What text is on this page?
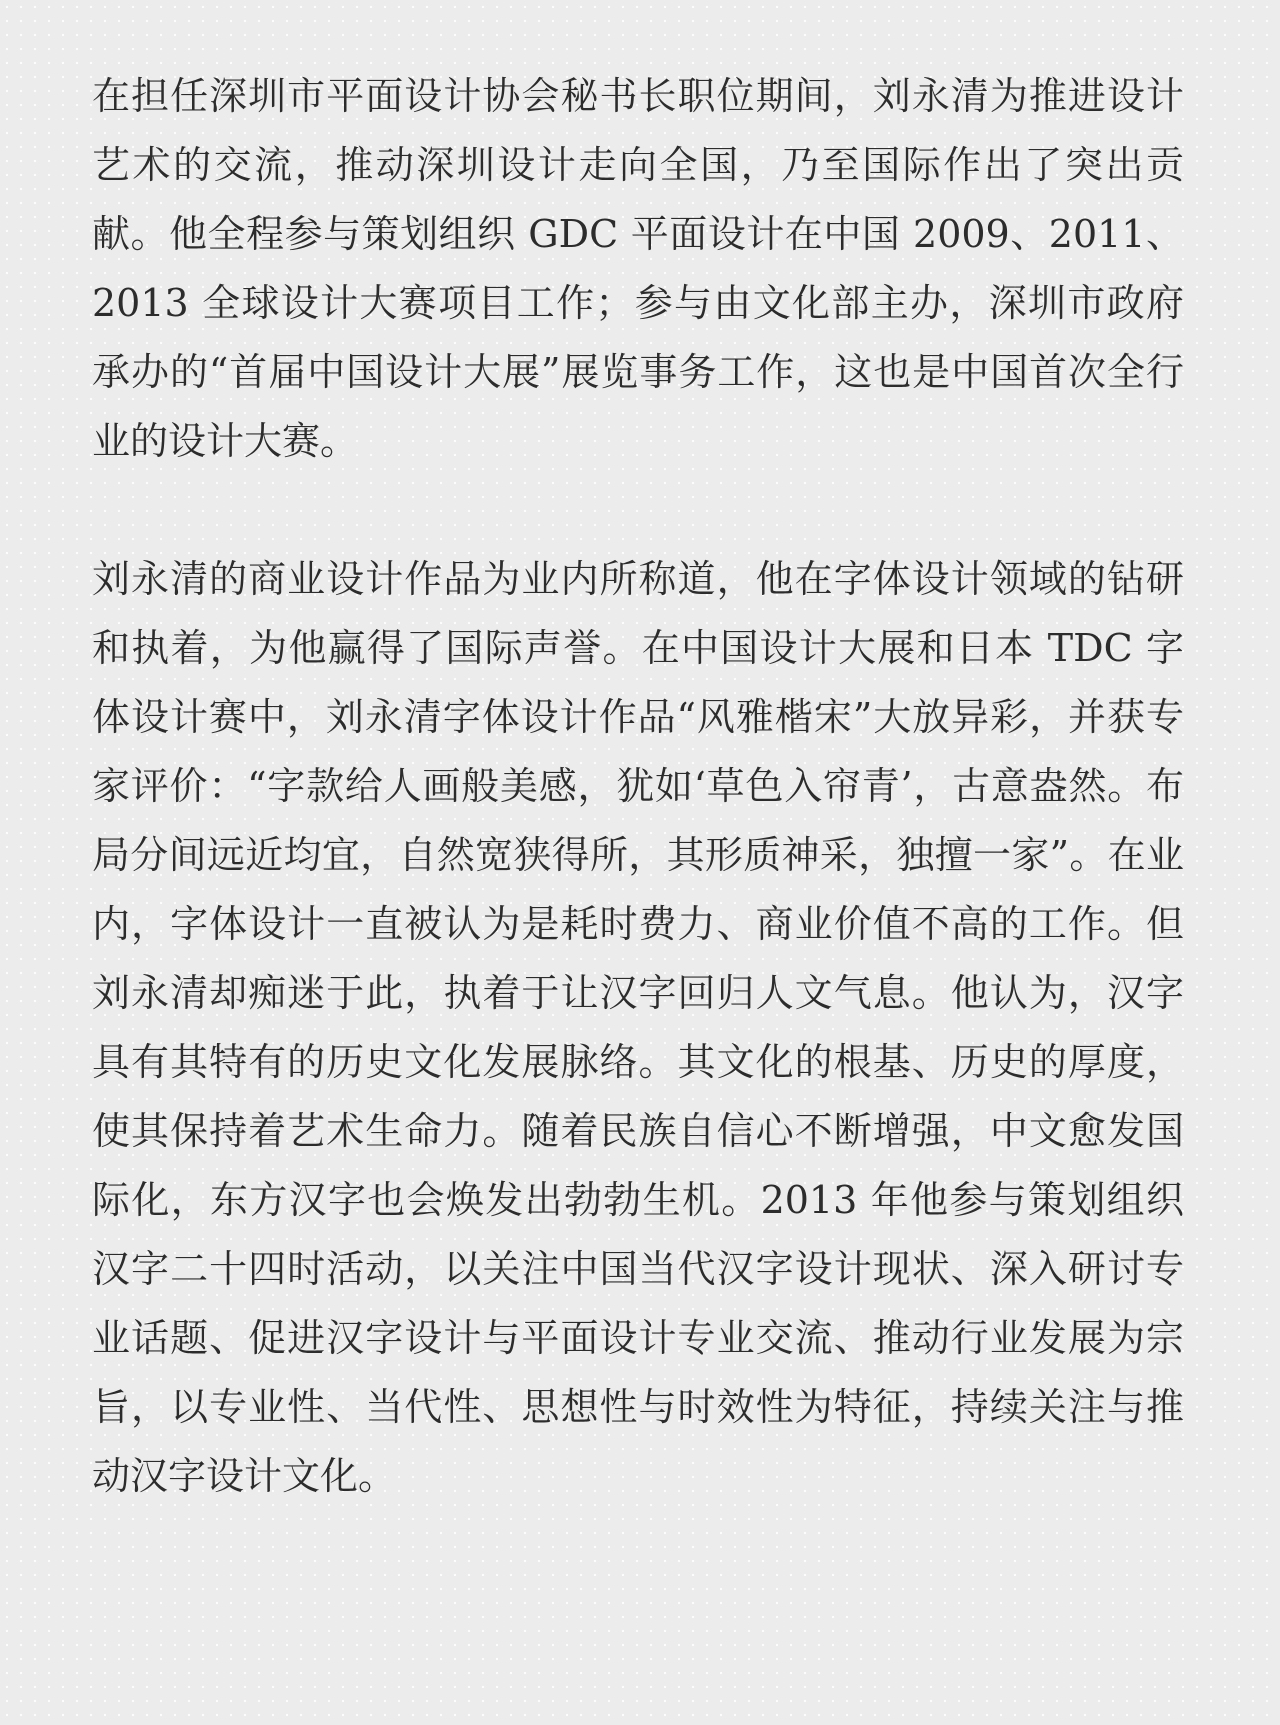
在担任深圳市平面设计协会秘书长职位期间，刘永清为推进设计艺术的交流，推动深圳设计走向全国，乃至国际作出了突出贡献。他全程参与策划组织 GDC 平面设计在中国 2009、2011、2013 全球设计大赛项目工作；参与由文化部主办，深圳市政府承办的“首届中国设计大展”展览事务工作，这也是中国首次全行业的设计大赛。

刘永清的商业设计作品为业内所称道，他在字体设计领域的钻研和执着，为他赢得了国际声誉。在中国设计大展和日本 TDC 字体设计赛中，刘永清字体设计作品“风雅楷宋”大放异彩，并获专家评价：“字款给人画般美感，犹如‘草色入帘青’，古意盎然。布局分间远近均宜，自然宽狭得所，其形质神采，独擅一家”。在业内，字体设计一直被认为是耗时费力、商业价值不高的工作。但刘永清却痴迷于此，执着于让汉字回归人文气息。他认为，汉字具有其特有的历史文化发展脉络。其文化的根基、历史的厚度，使其保持着艺术生命力。随着民族自信心不断增强，中文愈发国际化，东方汉字也会焕发出勃勃生机。2013 年他参与策划组织汉字二十四时活动，以关注中国当代汉字设计现状、深入研讨专业话题、促进汉字设计与平面设计专业交流、推动行业发展为宗旨，以专业性、当代性、思想性与时效性为特征，持续关注与推动汉字设计文化。
